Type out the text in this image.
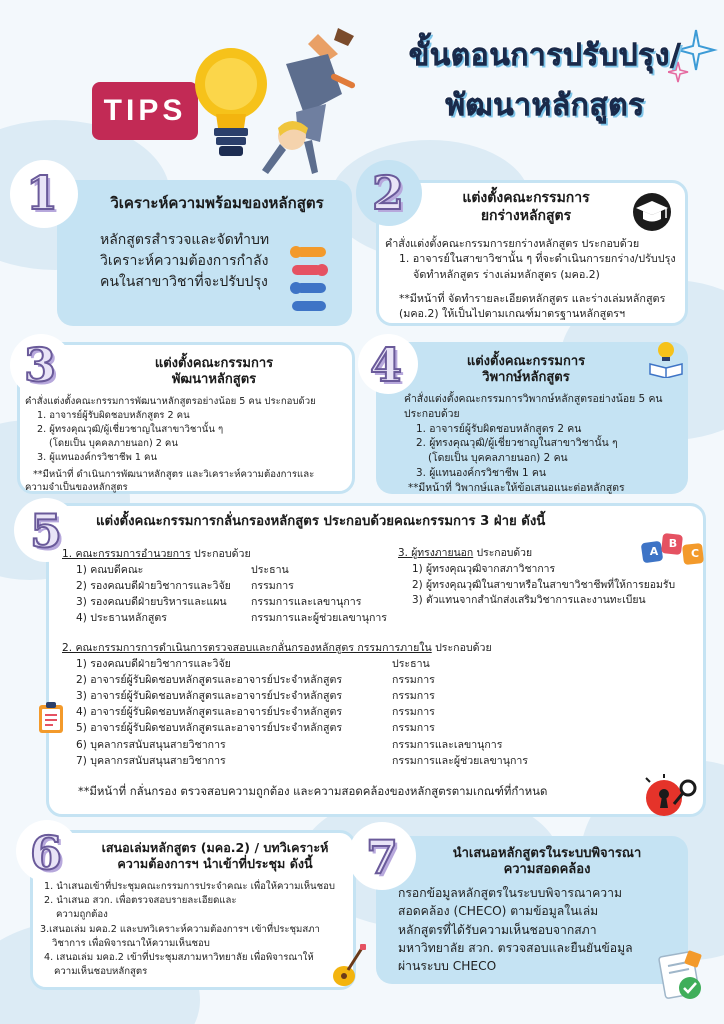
TIPS
ขั้นตอนการปรับปรุง/
พัฒนาหลักสูตร
1	วิเคราะห์ความพร้อมของหลักสูตร
หลักสูตรสำรวจและจัดทำบท
วิเคราะห์ความต้องการกำลัง
คนในสาขาวิชาที่จะปรับปรุง
2	แต่งตั้งคณะกรรมการ
ยกร่างหลักสูตร
คำสั่งแต่งตั้งคณะกรรมการยกร่างหลักสูตร ประกอบด้วย
1. อาจารย์ในสาขาวิชานั้น ๆ ที่จะดำเนินการยกร่าง/ปรับปรุง
จัดทำหลักสูตร ร่างเล่มหลักสูตร (มคอ.2)
**มีหน้าที่ จัดทำรายละเอียดหลักสูตร และร่างเล่มหลักสูตร
(มคอ.2) ให้เป็นไปตามเกณฑ์มาตรฐานหลักสูตรฯ
3	แต่งตั้งคณะกรรมการ
พัฒนาหลักสูตร
คำสั่งแต่งตั้งคณะกรรมการพัฒนาหลักสูตรอย่างน้อย 5 คน ประกอบด้วย
1. อาจารย์ผู้รับผิดชอบหลักสูตร 2 คน
2. ผู้ทรงคุณวุฒิ/ผู้เชี่ยวชาญในสาขาวิชานั้น ๆ
(โดยเป็น บุคคลภายนอก) 2 คน
3. ผู้แทนองค์กรวิชาชีพ 1 คน
**มีหน้าที่ ดำเนินการพัฒนาหลักสูตร และวิเคราะห์ความต้องการและ
ความจำเป็นของหลักสูตร
4	แต่งตั้งคณะกรรมการ
วิพากษ์หลักสูตร
คำสั่งแต่งตั้งคณะกรรมการวิพากษ์หลักสูตรอย่างน้อย 5 คน
ประกอบด้วย
1. อาจารย์ผู้รับผิดชอบหลักสูตร 2 คน
2. ผู้ทรงคุณวุฒิ/ผู้เชี่ยวชาญในสาขาวิชานั้น ๆ
(โดยเป็น บุคคลภายนอก) 2 คน
3. ผู้แทนองค์กรวิชาชีพ 1 คน
**มีหน้าที่ วิพากษ์และให้ข้อเสนอแนะต่อหลักสูตร
5	แต่งตั้งคณะกรรมการกลั่นกรองหลักสูตร ประกอบด้วยคณะกรรมการ 3 ฝ่าย ดังนี้
A
B
C
1. คณะกรรมการอำนวยการ ประกอบด้วย
1) คณบดีคณะ	ประธาน
2) รองคณบดีฝ่ายวิชาการและวิจัย	กรรมการ
3) รองคณบดีฝ่ายบริหารและแผน	กรรมการและเลขานุการ
4) ประธานหลักสูตร	กรรมการและผู้ช่วยเลขานุการ
3. ผู้ทรงภายนอก ประกอบด้วย
1) ผู้ทรงคุณวุฒิจากสภาวิชาการ
2) ผู้ทรงคุณวุฒิในสาขาหรือในสาขาวิชาชีพที่ให้การยอมรับ
3) ตัวแทนจากสำนักส่งเสริมวิชาการและงานทะเบียน
2. คณะกรรมการการดำเนินการตรวจสอบและกลั่นกรองหลักสูตร กรรมการภายใน ประกอบด้วย
1) รองคณบดีฝ่ายวิชาการและวิจัย	ประธาน
2) อาจารย์ผู้รับผิดชอบหลักสูตรและอาจารย์ประจำหลักสูตร	กรรมการ
3) อาจารย์ผู้รับผิดชอบหลักสูตรและอาจารย์ประจำหลักสูตร	กรรมการ
4) อาจารย์ผู้รับผิดชอบหลักสูตรและอาจารย์ประจำหลักสูตร	กรรมการ
5) อาจารย์ผู้รับผิดชอบหลักสูตรและอาจารย์ประจำหลักสูตร	กรรมการ
6) บุคลากรสนับสนุนสายวิชาการ	กรรมการและเลขานุการ
7) บุคลากรสนับสนุนสายวิชาการ	กรรมการและผู้ช่วยเลขานุการ
**มีหน้าที่ กลั่นกรอง ตรวจสอบความถูกต้อง และความสอดคล้องของหลักสูตรตามเกณฑ์ที่กำหนด
6	เสนอเล่มหลักสูตร (มคอ.2) / บทวิเคราะห์
ความต้องการฯ นำเข้าที่ประชุม ดังนี้
1. นำเสนอเข้าที่ประชุมคณะกรรมการประจำคณะ เพื่อให้ความเห็นชอบ
2. นำเสนอ สวก. เพื่อตรวจสอบรายละเอียดและ
ความถูกต้อง
3.เสนอเล่ม มคอ.2 และบทวิเคราะห์ความต้องการฯ เข้าที่ประชุมสภา
วิชาการ เพื่อพิจารณาให้ความเห็นชอบ
4. เสนอเล่ม มคอ.2 เข้าที่ประชุมสภามหาวิทยาลัย เพื่อพิจารณาให้
ความเห็นชอบหลักสูตร
7	นำเสนอหลักสูตรในระบบพิจารณา
ความสอดคล้อง
กรอกข้อมูลหลักสูตรในระบบพิจารณาความ
สอดคล้อง (CHECO) ตามข้อมูลในเล่ม
หลักสูตรที่ได้รับความเห็นชอบจากสภา
มหาวิทยาลัย สวก. ตรวจสอบและยืนยันข้อมูล
ผ่านระบบ CHECO
